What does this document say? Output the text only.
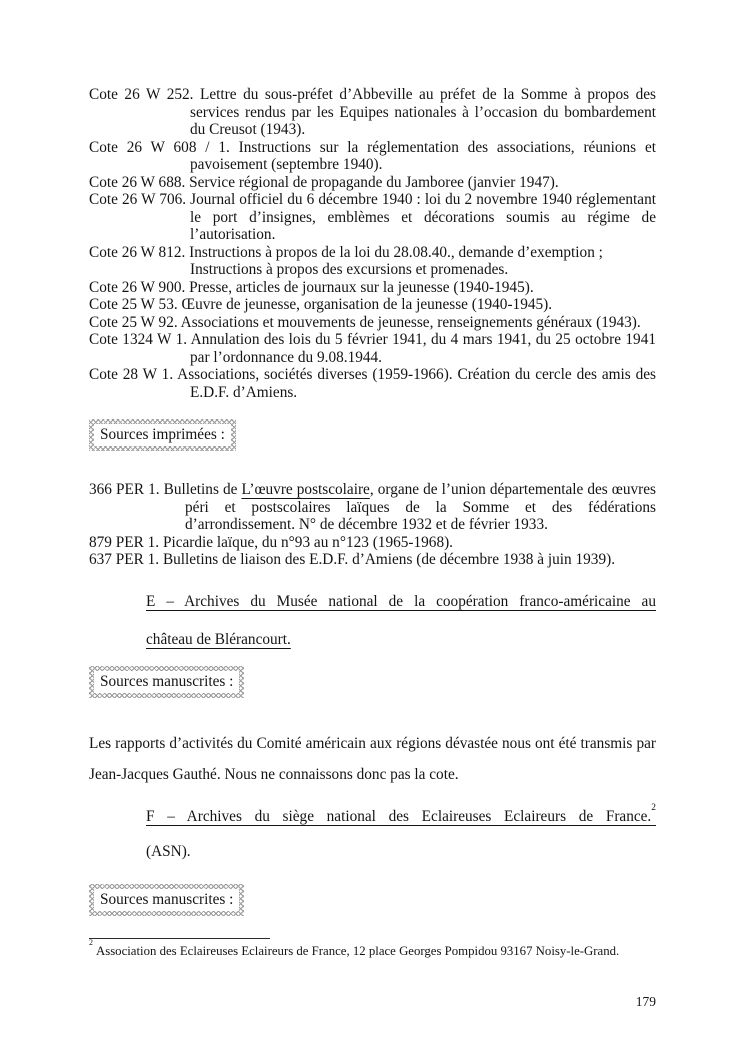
Cote 26 W 252. Lettre du sous-préfet d’Abbeville au préfet de la Somme à propos des services rendus par les Equipes nationales à l’occasion du bombardement du Creusot (1943).
Cote 26 W 608 / 1. Instructions sur la réglementation des associations, réunions et pavoisement (septembre 1940).
Cote 26 W 688. Service régional de propagande du Jamboree (janvier 1947).
Cote 26 W 706. Journal officiel du 6 décembre 1940 : loi du 2 novembre 1940 réglementant le port d’insignes, emblèmes et décorations soumis au régime de l’autorisation.
Cote 26 W 812. Instructions à propos de la loi du 28.08.40., demande d’exemption ;
Instructions à propos des excursions et promenades.
Cote 26 W 900. Presse, articles de journaux sur la jeunesse (1940-1945).
Cote 25 W 53. Œuvre de jeunesse, organisation de la jeunesse (1940-1945).
Cote 25 W 92. Associations et mouvements de jeunesse, renseignements généraux (1943).
Cote 1324 W 1. Annulation des lois du 5 février 1941, du 4 mars 1941, du 25 octobre 1941 par l’ordonnance du 9.08.1944.
Cote 28 W 1. Associations, sociétés diverses (1959-1966). Création du cercle des amis des E.D.F. d’Amiens.
Sources imprimées :
366 PER 1. Bulletins de L’œuvre postscolaire, organe de l’union départementale des œuvres péri et postscolaires laïques de la Somme et des fédérations d’arrondissement. N° de décembre 1932 et de février 1933.
879 PER 1. Picardie laïque, du n°93 au n°123 (1965-1968).
637 PER 1. Bulletins de liaison des E.D.F. d’Amiens (de décembre 1938 à juin 1939).
E – Archives du Musée national de la coopération franco-américaine au
château de Blérancourt.
Sources manuscrites :

Les rapports d’activités du Comité américain aux régions dévastée nous ont été transmis par Jean-Jacques Gauthé. Nous ne connaissons donc pas la cote.

F – Archives du siège national des Eclaireuses Eclaireurs de France.$^2$
(ASN).
Sources manuscrites :
$^2$Association des Eclaireuses Eclaireurs de France, 12 place Georges Pompidou 93167 Noisy-le-Grand.
179
